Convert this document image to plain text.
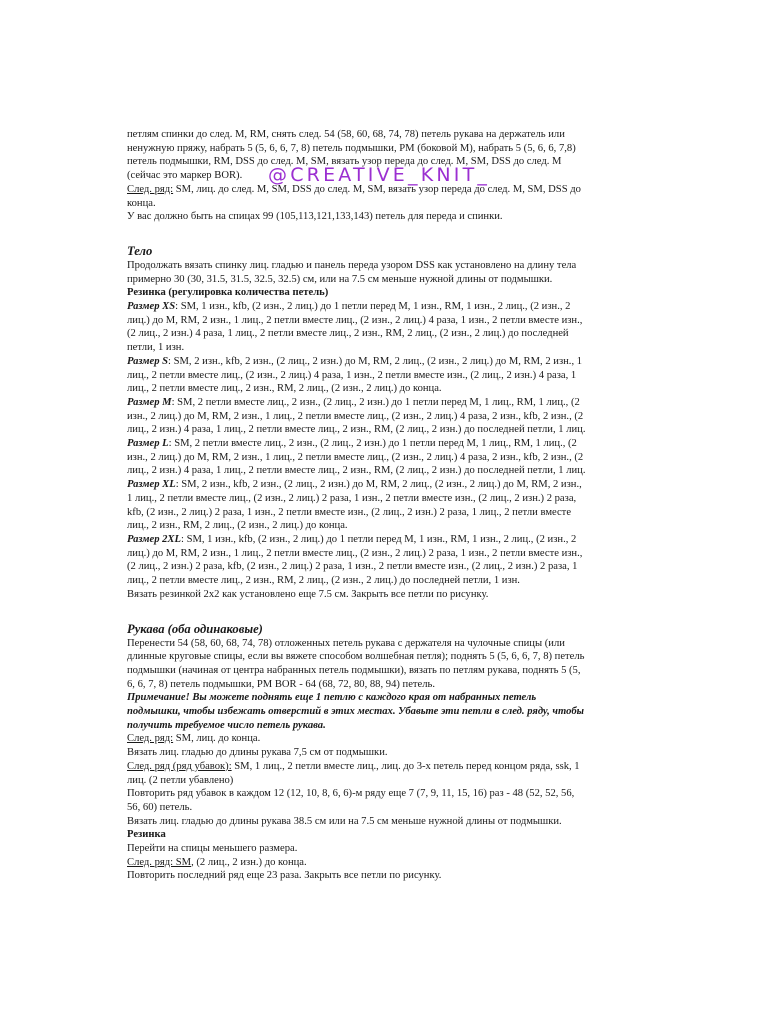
@CREATIVE_KNIT_
петлям спинки до след. М, RM, снять след. 54 (58, 60, 68, 74, 78) петель рукава на держатель или
ненужную пряжу, набрать 5 (5, 6, 6, 7, 8) петель подмышки, PM (боковой М), набрать 5 (5, 6, 6, 7,8)
петель подмышки, RM, DSS до след. M, SM, вязать узор переда до след. М, SM, DSS до след. М
(сейчас это маркер BOR).
След. ряд: SM, лиц. до след. М, SM, DSS до след. М, SM, вязать узор переда до след. М, SM, DSS до
конца.
У вас должно быть на спицах 99 (105,113,121,133,143) петель для переда и спинки.
Тело
Продолжать вязать спинку лиц. гладью и панель переда узором DSS как установлено на длину тела
примерно 30 (30, 31.5, 31.5, 32.5, 32.5) см, или на 7.5 см меньше нужной длины от подмышки.
Резинка (регулировка количества петель)
Размер XS: SM, 1 изн., kfb, (2 изн., 2 лиц.) до 1 петли перед М, 1 изн., RM, 1 изн., 2 лиц., (2 изн., 2
лиц.) до М, RM, 2 изн., 1 лиц., 2 петли вместе лиц., (2 изн., 2 лиц.) 4 раза, 1 изн., 2 петли вместе изн.,
(2 лиц., 2 изн.) 4 раза, 1 лиц., 2 петли вместе лиц., 2 изн., RM, 2 лиц., (2 изн., 2 лиц.) до последней
петли, 1 изн.
Размер S: SM, 2 изн., kfb, 2 изн., (2 лиц., 2 изн.) до М, RM, 2 лиц., (2 изн., 2 лиц.) до М, RM, 2 изн., 1
лиц., 2 петли вместе лиц., (2 изн., 2 лиц.) 4 раза, 1 изн., 2 петли вместе изн., (2 лиц., 2 изн.) 4 раза, 1
лиц., 2 петли вместе лиц., 2 изн., RM, 2 лиц., (2 изн., 2 лиц.) до конца.
Размер М: SM, 2 петли вместе лиц., 2 изн., (2 лиц., 2 изн.) до 1 петли перед М, 1 лиц., RM, 1 лиц., (2
изн., 2 лиц.) до М, RM, 2 изн., 1 лиц., 2 петли вместе лиц., (2 изн., 2 лиц.) 4 раза, 2 изн., kfb, 2 изн., (2
лиц., 2 изн.) 4 раза, 1 лиц., 2 петли вместе лиц., 2 изн., RM, (2 лиц., 2 изн.) до последней петли, 1 лиц.
Размер L: SM, 2 петли вместе лиц., 2 изн., (2 лиц., 2 изн.) до 1 петли перед М, 1 лиц., RM, 1 лиц., (2
изн., 2 лиц.) до М, RM, 2 изн., 1 лиц., 2 петли вместе лиц., (2 изн., 2 лиц.) 4 раза, 2 изн., kfb, 2 изн., (2
лиц., 2 изн.) 4 раза, 1 лиц., 2 петли вместе лиц., 2 изн., RM, (2 лиц., 2 изн.) до последней петли, 1 лиц.
Размер XL: SM, 2 изн., kfb, 2 изн., (2 лиц., 2 изн.) до М, RM, 2 лиц., (2 изн., 2 лиц.) до М, RM, 2 изн.,
1 лиц., 2 петли вместе лиц., (2 изн., 2 лиц.) 2 раза, 1 изн., 2 петли вместе изн., (2 лиц., 2 изн.) 2 раза,
kfb, (2 изн., 2 лиц.) 2 раза, 1 изн., 2 петли вместе изн., (2 лиц., 2 изн.) 2 раза, 1 лиц., 2 петли вместе
лиц., 2 изн., RM, 2 лиц., (2 изн., 2 лиц.) до конца.
Размер 2XL: SM, 1 изн., kfb, (2 изн., 2 лиц.) до 1 петли перед М, 1 изн., RM, 1 изн., 2 лиц., (2 изн., 2
лиц.) до М, RM, 2 изн., 1 лиц., 2 петли вместе лиц., (2 изн., 2 лиц.) 2 раза, 1 изн., 2 петли вместе изн.,
(2 лиц., 2 изн.) 2 раза, kfb, (2 изн., 2 лиц.) 2 раза, 1 изн., 2 петли вместе изн., (2 лиц., 2 изн.) 2 раза, 1
лиц., 2 петли вместе лиц., 2 изн., RM, 2 лиц., (2 изн., 2 лиц.) до последней петли, 1 изн.
Вязать резинкой 2х2 как установлено еще 7.5 см. Закрыть все петли по рисунку.
Рукава (оба одинаковые)
Перенести 54 (58, 60, 68, 74, 78) отложенных петель рукава с держателя на чулочные спицы (или
длинные круговые спицы, если вы вяжете способом волшебная петля); поднять 5 (5, 6, 6, 7, 8) петель
подмышки (начиная от центра набранных петель подмышки), вязать по петлям рукава, поднять 5 (5,
6, 6, 7, 8) петель подмышки, PM BOR - 64 (68, 72, 80, 88, 94) петель.
Примечание! Вы можете поднять еще 1 петлю с каждого края от набранных петель
подмышки, чтобы избежать отверстий в этих местах. Убавьте эти петли в след. ряду, чтобы
получить требуемое число петель рукава.
След. ряд: SM, лиц. до конца.
Вязать лиц. гладью до длины рукава 7,5 см от подмышки.
След. ряд (ряд убавок): SM, 1 лиц., 2 петли вместе лиц., лиц. до 3-х петель перед концом ряда, ssk, 1
лиц. (2 петли убавлено)
Повторить ряд убавок в каждом 12 (12, 10, 8, 6, 6)-м ряду еще 7 (7, 9, 11, 15, 16) раз - 48 (52, 52, 56,
56, 60) петель.
Вязать лиц. гладью до длины рукава 38.5 см или на 7.5 см меньше нужной длины от подмышки.
Резинка
Перейти на спицы меньшего размера.
След. ряд: SM, (2 лиц., 2 изн.) до конца.
Повторить последний ряд еще 23 раза. Закрыть все петли по рисунку.
